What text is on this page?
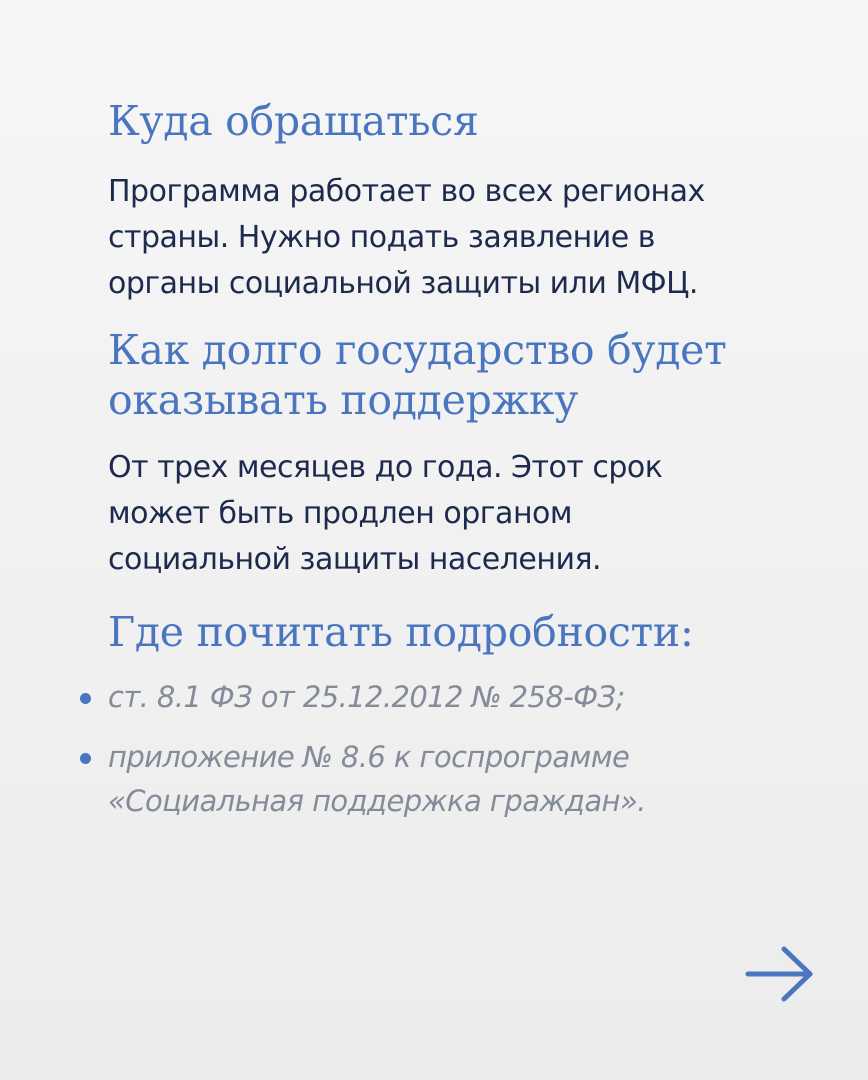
Куда обращаться

Программа работает во всех регионах
страны. Нужно подать заявление в
органы социальной защиты или МФЦ.

Как долго государство будет
оказывать поддержку

От трех месяцев до года. Этот срок
может быть продлен органом
социальной защиты населения.

Где почитать подробности:
ст. 8.1 ФЗ от 25.12.2012 № 258-ФЗ;
приложение № 8.6 к госпрограмме
«Социальная поддержка граждан».
